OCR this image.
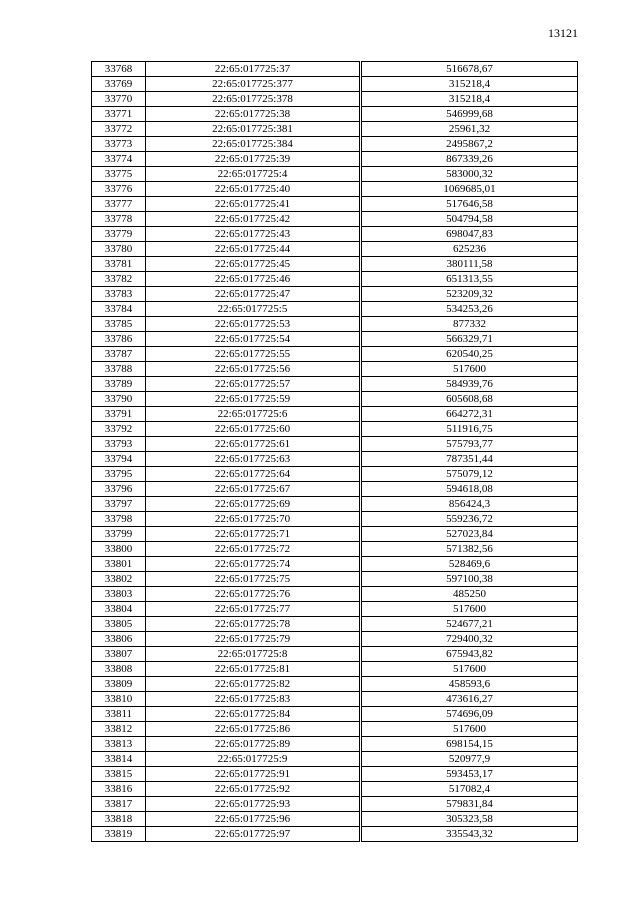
13121
33768	22:65:017725:37	516678,67
33769	22:65:017725:377	315218,4
33770	22:65:017725:378	315218,4
33771	22:65:017725:38	546999,68
33772	22:65:017725:381	25961,32
33773	22:65:017725:384	2495867,2
33774	22:65:017725:39	867339,26
33775	22:65:017725:4	583000,32
33776	22:65:017725:40	1069685,01
33777	22:65:017725:41	517646,58
33778	22:65:017725:42	504794,58
33779	22:65:017725:43	698047,83
33780	22:65:017725:44	625236
33781	22:65:017725:45	380111,58
33782	22:65:017725:46	651313,55
33783	22:65:017725:47	523209,32
33784	22:65:017725:5	534253,26
33785	22:65:017725:53	877332
33786	22:65:017725:54	566329,71
33787	22:65:017725:55	620540,25
33788	22:65:017725:56	517600
33789	22:65:017725:57	584939,76
33790	22:65:017725:59	605608,68
33791	22:65:017725:6	664272,31
33792	22:65:017725:60	511916,75
33793	22:65:017725:61	575793,77
33794	22:65:017725:63	787351,44
33795	22:65:017725:64	575079,12
33796	22:65:017725:67	594618,08
33797	22:65:017725:69	856424,3
33798	22:65:017725:70	559236,72
33799	22:65:017725:71	527023,84
33800	22:65:017725:72	571382,56
33801	22:65:017725:74	528469,6
33802	22:65:017725:75	597100,38
33803	22:65:017725:76	485250
33804	22:65:017725:77	517600
33805	22:65:017725:78	524677,21
33806	22:65:017725:79	729400,32
33807	22:65:017725:8	675943,82
33808	22:65:017725:81	517600
33809	22:65:017725:82	458593,6
33810	22:65:017725:83	473616,27
33811	22:65:017725:84	574696,09
33812	22:65:017725:86	517600
33813	22:65:017725:89	698154,15
33814	22:65:017725:9	520977,9
33815	22:65:017725:91	593453,17
33816	22:65:017725:92	517082,4
33817	22:65:017725:93	579831,84
33818	22:65:017725:96	305323,58
33819	22:65:017725:97	335543,32
